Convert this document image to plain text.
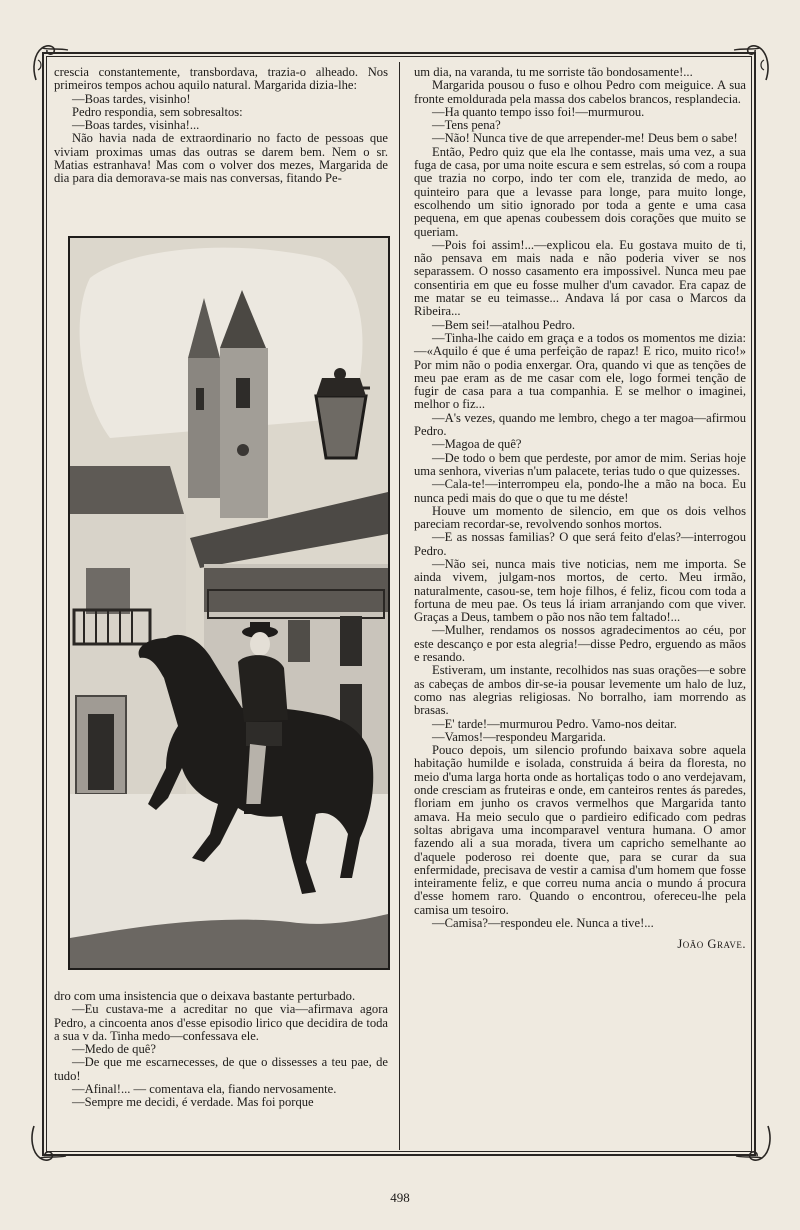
crescia constantemente, transbordava, trazia-o alheado. Nos primeiros tempos achou aquilo natural. Margarida dizia-lhe:

—Boas tardes, visinho!

Pedro respondia, sem sobresaltos:

—Boas tardes, visinha!...

Não havia nada de extraordinario no facto de pessoas que viviam proximas umas das outras se darem bem. Nem o sr. Matias estranhava! Mas com o volver dos mezes, Margarida de dia para dia demorava-se mais nas conversas, fitando Pe-

dro com uma insistencia que o deixava bastante perturbado.

—Eu custava-me a acreditar no que via—afirmava agora Pedro, a cincoenta anos d'esse episodio lirico que decidira de toda a sua v da. Tinha medo—confessava ele.

—Medo de quê?

—De que me escarnecesses, de que o dissesses a teu pae, de tudo!

—Afinal!... — comentava ela, fiando nervosamente.

—Sempre me decidi, é verdade. Mas foi porque

um dia, na varanda, tu me sorriste tão bondosamente!...

Margarida pousou o fuso e olhou Pedro com meiguice. A sua fronte emoldurada pela massa dos cabelos brancos, resplandecia.

—Ha quanto tempo isso foi!—murmurou.

—Tens pena?

—Não! Nunca tive de que arrepender-me! Deus bem o sabe!

Então, Pedro quiz que ela lhe contasse, mais uma vez, a sua fuga de casa, por uma noite escura e sem estrelas, só com a roupa que trazia no corpo, indo ter com ele, tranzida de medo, ao quinteiro para que a levasse para longe, para muito longe, escolhendo um sitio ignorado por toda a gente e uma casa pequena, em que apenas coubessem dois corações que muito se queriam.

—Pois foi assim!...—explicou ela. Eu gostava muito de ti, não pensava em mais nada e não poderia viver se nos separassem. O nosso casamento era impossivel. Nunca meu pae consentiria em que eu fosse mulher d'um cavador. Era capaz de me matar se eu teimasse... Andava lá por casa o Marcos da Ribeira...

—Bem sei!—atalhou Pedro.

—Tinha-lhe caido em graça e a todos os momentos me dizia:—«Aquilo é que é uma perfeição de rapaz! E rico, muito rico!» Por mim não o podia enxergar. Ora, quando vi que as tenções de meu pae eram as de me casar com ele, logo formei tenção de fugir de casa para a tua companhia. E se melhor o imaginei, melhor o fiz...

—A's vezes, quando me lembro, chego a ter magoa—afirmou Pedro.

—Magoa de quê?

—De todo o bem que perdeste, por amor de mim. Serias hoje uma senhora, viverias n'um palacete, terias tudo o que quizesses.

—Cala-te!—interrompeu ela, pondo-lhe a mão na boca. Eu nunca pedi mais do que o que tu me déste!

Houve um momento de silencio, em que os dois velhos pareciam recordar-se, revolvendo sonhos mortos.

—E as nossas familias? O que será feito d'elas?—interrogou Pedro.

—Não sei, nunca mais tive noticias, nem me importa. Se ainda vivem, julgam-nos mortos, de certo. Meu irmão, naturalmente, casou-se, tem hoje filhos, é feliz, ficou com toda a fortuna de meu pae. Os teus lá iriam arranjando com que viver. Graças a Deus, tambem o pão nos não tem faltado!...

—Mulher, rendamos os nossos agradecimentos ao céu, por este descanço e por esta alegria!—disse Pedro, erguendo as mãos e resando.

Estiveram, um instante, recolhidos nas suas orações—e sobre as cabeças de ambos dir-se-ia pousar levemente um halo de luz, como nas alegrias religiosas. No borralho, iam morrendo as brasas.

—E' tarde!—murmurou Pedro. Vamo-nos deitar.

—Vamos!—respondeu Margarida.

Pouco depois, um silencio profundo baixava sobre aquela habitação humilde e isolada, construida á beira da floresta, no meio d'uma larga horta onde as hortaliças todo o ano verdejavam, onde cresciam as fruteiras e onde, em canteiros rentes ás paredes, floriam em junho os cravos vermelhos que Margarida tanto amava. Ha meio seculo que o pardieiro edificado com pedras soltas abrigava uma incomparavel ventura humana. O amor fazendo ali a sua morada, tivera um capricho semelhante ao d'aquele poderoso rei doente que, para se curar da sua enfermidade, precisava de vestir a camisa d'um homem que fosse inteiramente feliz, e que correu numa ancia o mundo á procura d'esse homem raro. Quando o encontrou, ofereceu-lhe pela camisa um tesoiro.

—Camisa?—respondeu ele. Nunca a tive!...

João Grave.
498
